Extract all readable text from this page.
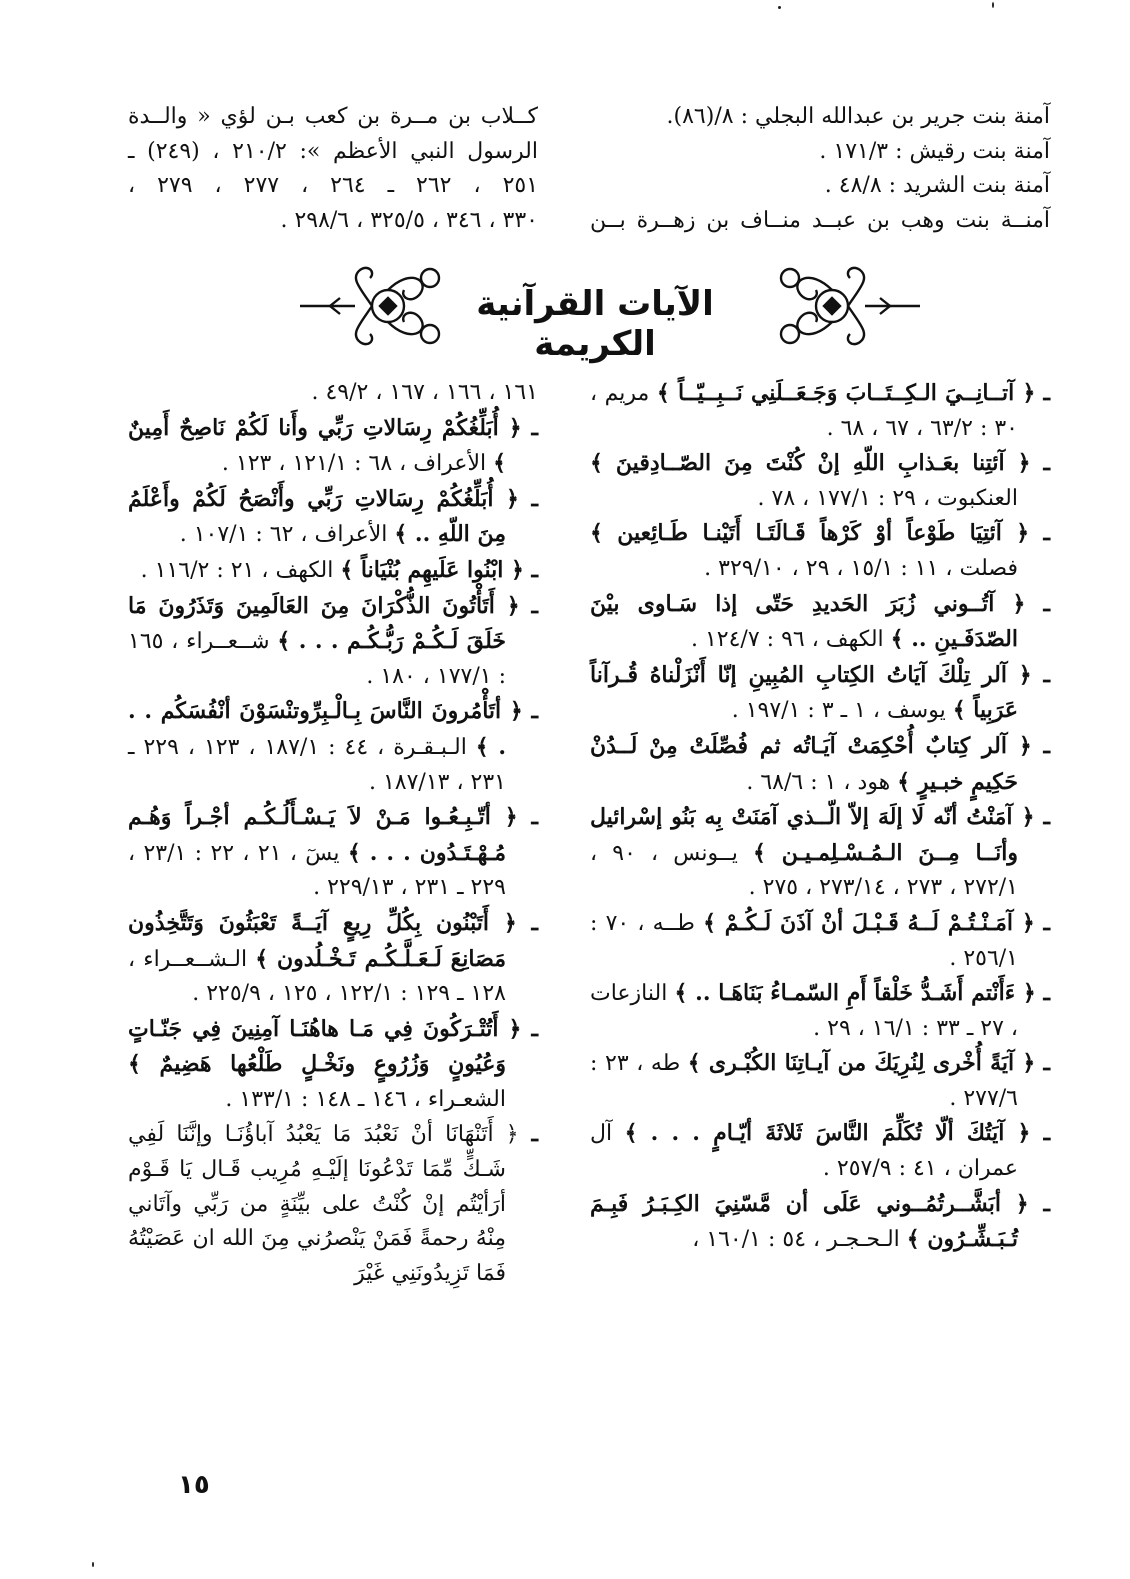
آمنة بنت جرير بن عبدالله البجلي : ٨/(٨٦).

آمنة بنت رقيش : ١٧١/٣ .

آمنة بنت الشريد : ٤٨/٨ .

آمنــة بنت وهب بن عبــد منــاف بن زهــرة بــن

كــلاب بن مــرة بن كعب بـن لؤي « والــدة

الرسول النبي الأعظم »: ٢١٠/٢ ، (٢٤٩) ـ

٢٥١ ، ٢٦٢ ـ ٢٦٤ ، ٢٧٧ ، ٢٧٩ ،

٣٣٠ ، ٣٤٦ ، ٣٢٥/٥ ، ٢٩٨/٦ .

الآيات القرآنية الكريمة

ـ ﴿ آتــانِــيَ الـكِــتَــابَ وَجَـعَــلَنِي نَــبِــيّــاً ﴾ مريم ، ٣٠ : ٦٣/٢ ، ٦٧ ، ٦٨ .

ـ ﴿ آئتِنا بعَـذابِ اللّهِ إنْ كُنْتَ مِنَ الصّــادِقينَ ﴾ العنكبوت ، ٢٩ : ١٧٧/١ ، ٧٨ .

ـ ﴿ آئتِيَا طَوْعاً أوْ كَرْهاً قَـالَتَـا أَتَيْنـا طَـائِعين ﴾ فصلت ، ١١ : ١٥/١ ، ٢٩ ، ٣٢٩/١٠ .

ـ ﴿ آتُــوني زُبَرَ الحَديدِ حَتّى إذا سَـاوى بيْنَ الصّدَفَـينِ .. ﴾ الكهف ، ٩٦ : ١٢٤/٧ .

ـ ﴿ آلر تِلْكَ آيَاتُ الكِتابِ المُبِينِ إنّا أَنْزَلْناهُ قُـرآناً عَرَبِياً ﴾ يوسف ، ١ ـ ٣ : ١٩٧/١ .

ـ ﴿ آلر كِتابٌ أُحْكِمَتْ آيَـاتُه ثم فُصِّلَتْ مِنْ لَــدُنْ حَكِيمٍ خبـيرٍ ﴾ هود ، ١ : ٦٨/٦ .

ـ ﴿ آمَنْتُ أنّه لَا إلَهَ إلاّ الّــذي آمَنَتْ بِه بَنُو إسْرائيل وأنَــا مِــنَ الـمُـسْـلِمـيـن ﴾ يــونس ، ٩٠ ، ٢٧٢/١ ، ٢٧٣ ، ٢٧٣/١٤ ، ٢٧٥ .

ـ ﴿ آمَـنْـتُـمْ لَــهُ قَـبْـلَ أنْ آذَنَ لَـكُـمْ ﴾ طــه ، ٧٠ : ٢٥٦/١ .

ـ ﴿ ءَأَنْتم أَشَـدُّ خَلْقاً أَمِ السّمـاءُ بَنَاهَـا .. ﴾ النازعات ، ٢٧ ـ ٣٣ : ١٦/١ ، ٢٩ .

ـ ﴿ آيَةً أُخْرى لِنُرِيَكَ من آيـاتِنَا الكُبْـرى ﴾ طه ، ٢٣ : ٢٧٧/٦ .

ـ ﴿ آيَتُكَ ألّا تُكَلِّمَ النَّاسَ ثَلاثَةَ أيّـامٍ . . . ﴾ آل عمران ، ٤١ : ٢٥٧/٩ .

ـ ﴿ أبَشَّــرتُمُــوني عَلَى أن مَّسّنِيَ الكِـبَـرُ فَبِـمَ تُـبَـشِّـرُون ﴾ الـحـجـر ، ٥٤ : ١٦٠/١ ،

١٦١ ، ١٦٦ ، ١٦٧ ، ٤٩/٢ .

ـ ﴿ أُبَلِّغُكُمْ رِسَالاتِ رَبِّي وأَنا لَكُمْ نَاصِحٌ أَمِينٌ ﴾ الأعراف ، ٦٨ : ١٢١/١ ، ١٢٣ .

ـ ﴿ أُبَلِّغُكُمْ رِسَالاتِ رَبِّي وأَنْصَحُ لَكُمْ وأَعْلَمُ مِنَ اللّهِ .. ﴾ الأعراف ، ٦٢ : ١٠٧/١ .

ـ ﴿ ابْنُوا عَلَيهِم بُنْيَاناً ﴾ الكهف ، ٢١ : ١١٦/٢ .

ـ ﴿ أَتَأْتُونَ الذُّكْرَانَ مِنَ العَالَمِينَ وَتَذَرُونَ مَا خَلَقَ لَـكُـمْ رَبُّـكُـم . . . ﴾ شــعــراء ، ١٦٥ : ١٧٧/١ ، ١٨٠ .

ـ ﴿ أتَأْمُرونَ النَّاسَ بِـالْـبِرِّوتنْسَوْنَ أنْفُسَكُم . . . ﴾ الـبـقـرة ، ٤٤ : ١٨٧/١ ، ١٢٣ ، ٢٢٩ ـ ٢٣١ ، ١٨٧/١٣ .

ـ ﴿ أتّـبِـعُـوا مَـنْ لاَ يَـسْـأَلُـكُـم أجْـراً وَهُـم مُـهْـتَـدُون . . . ﴾ يسٓ ، ٢١ ، ٢٢ : ٢٣/١ ، ٢٢٩ ـ ٢٣١ ، ٢٢٩/١٣ .

ـ ﴿ أَتَبْنُون بِكُلِّ رِيعٍ آيَــةً تَعْبَثُونَ وَتَتَّخِذُون مَصَانِعَ لَـعَـلَّـكُـم تَـخْـلُدون ﴾ الـشــعــراء ، ١٢٨ ـ ١٢٩ : ١٢٢/١ ، ١٢٥ ، ٢٢٥/٩ .

ـ ﴿ أَتُتْـرَكُونَ فِي مَـا هاهُنَـا آمِنِينَ فِي جَنّـاتٍ وَعُيُونٍ وَزُرُوعٍ ونَخْـلٍ طَلْعُها هَضِيمٌ ﴾ الشعـراء ، ١٤٦ ـ ١٤٨ : ١٣٣/١ .

ـ ﴿ أَتَنْهَانَا أنْ نَعْبُدَ مَا يَعْبُدُ آباؤُنَـا وإنَّنَا لَفِي شَـكٍّ مِّمَا تَدْعُونَا إلَيْـهِ مُرِيب قَـال يَا قَـوْم أرَأيْتُم إنْ كُنْتُ على بيِّنَةٍ من رَبِّي وآتَاني مِنْهُ رحمةً فَمَنْ يَنْصرُني مِنَ الله ان عَصَيْتُهُ فَمَا تَزِيدُونَنِي غَيْرَ

١٥
